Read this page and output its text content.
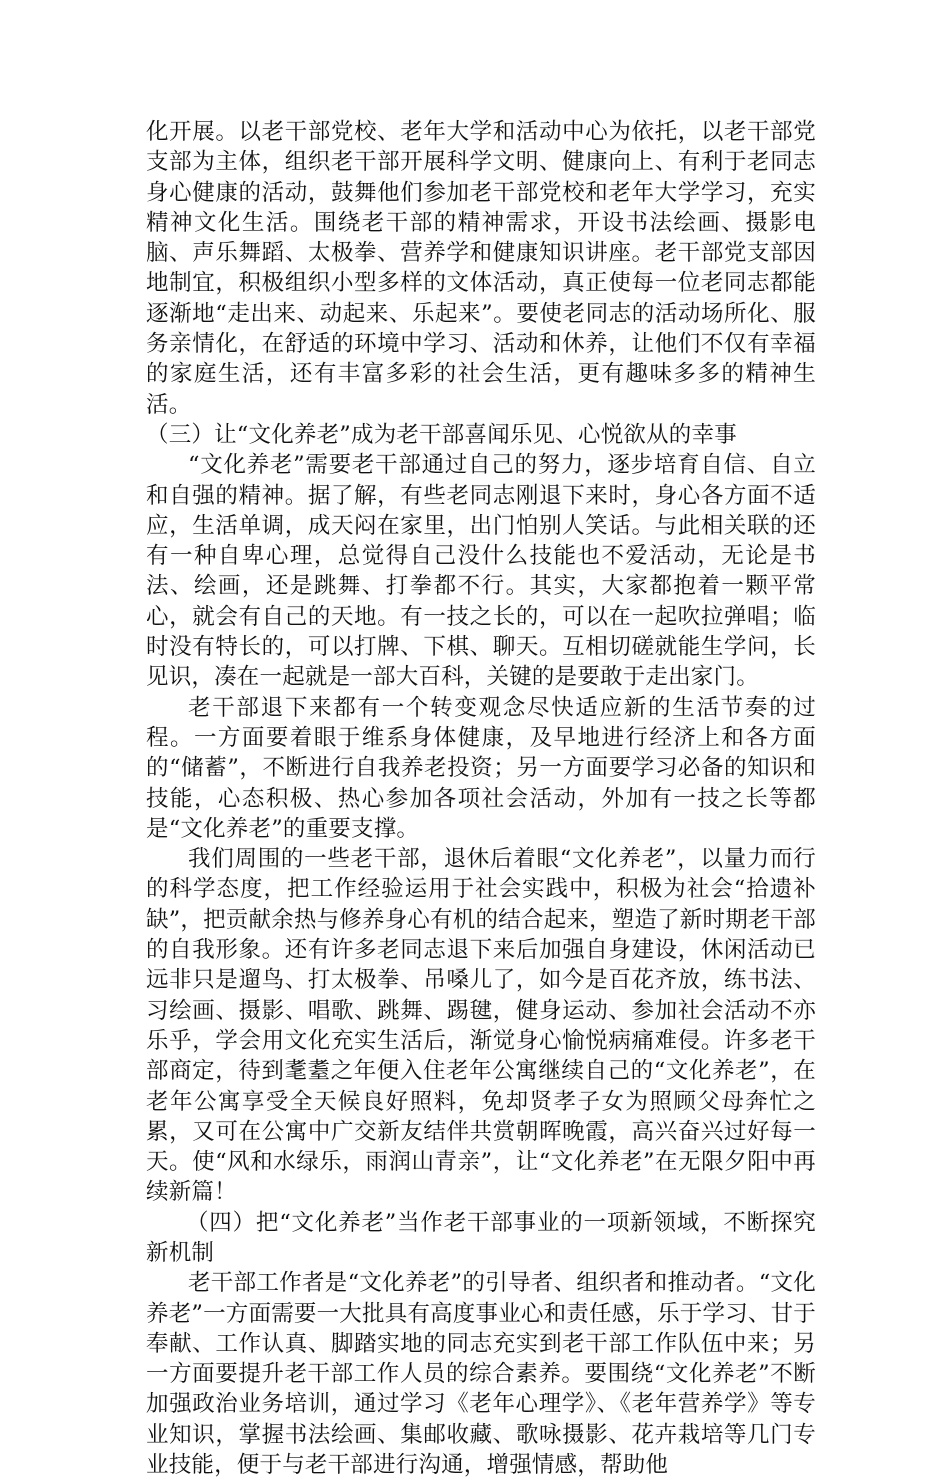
化开展。以老干部党校、老年大学和活动中心为依托，以老干部党支部为主体，组织老干部开展科学文明、健康向上、有利于老同志身心健康的活动，鼓舞他们参加老干部党校和老年大学学习，充实精神文化生活。围绕老干部的精神需求，开设书法绘画、摄影电脑、声乐舞蹈、太极拳、营养学和健康知识讲座。老干部党支部因地制宜，积极组织小型多样的文体活动，真正使每一位老同志都能逐渐地“走出来、动起来、乐起来”。要使老同志的活动场所化、服务亲情化，在舒适的环境中学习、活动和休养，让他们不仅有幸福的家庭生活，还有丰富多彩的社会生活，更有趣味多多的精神生活。

（三）让“文化养老”成为老干部喜闻乐见、心悦欲从的幸事

“文化养老”需要老干部通过自己的努力，逐步培育自信、自立和自强的精神。据了解，有些老同志刚退下来时，身心各方面不适应，生活单调，成天闷在家里，出门怕别人笑话。与此相关联的还有一种自卑心理，总觉得自己没什么技能也不爱活动，无论是书法、绘画，还是跳舞、打拳都不行。其实，大家都抱着一颗平常心，就会有自己的天地。有一技之长的，可以在一起吹拉弹唱；临时没有特长的，可以打牌、下棋、聊天。互相切磋就能生学问，长见识，凑在一起就是一部大百科，关键的是要敢于走出家门。

老干部退下来都有一个转变观念尽快适应新的生活节奏的过程。一方面要着眼于维系身体健康，及早地进行经济上和各方面的“储蓄”，不断进行自我养老投资；另一方面要学习必备的知识和技能，心态积极、热心参加各项社会活动，外加有一技之长等都是“文化养老”的重要支撑。

我们周围的一些老干部，退休后着眼“文化养老”，以量力而行的科学态度，把工作经验运用于社会实践中，积极为社会“拾遗补缺”，把贡献余热与修养身心有机的结合起来，塑造了新时期老干部的自我形象。还有许多老同志退下来后加强自身建设，休闲活动已远非只是遛鸟、打太极拳、吊嗓儿了，如今是百花齐放，练书法、习绘画、摄影、唱歌、跳舞、踢毽，健身运动、参加社会活动不亦乐乎，学会用文化充实生活后，渐觉身心愉悦病痛难侵。许多老干部商定，待到耄耋之年便入住老年公寓继续自己的“文化养老”，在老年公寓享受全天候良好照料，免却贤孝子女为照顾父母奔忙之累，又可在公寓中广交新友结伴共赏朝晖晚霞，高兴奋兴过好每一天。使“风和水绿乐，雨润山青亲”，让“文化养老”在无限夕阳中再续新篇！

（四）把“文化养老”当作老干部事业的一项新领域，不断探究新机制

老干部工作者是“文化养老”的引导者、组织者和推动者。“文化养老”一方面需要一大批具有高度事业心和责任感，乐于学习、甘于奉献、工作认真、脚踏实地的同志充实到老干部工作队伍中来；另一方面要提升老干部工作人员的综合素养。要围绕“文化养老”不断加强政治业务培训，通过学习《老年心理学》、《老年营养学》等专业知识，掌握书法绘画、集邮收藏、歌咏摄影、花卉栽培等几门专业技能，便于与老干部进行沟通，增强情感，帮助他
